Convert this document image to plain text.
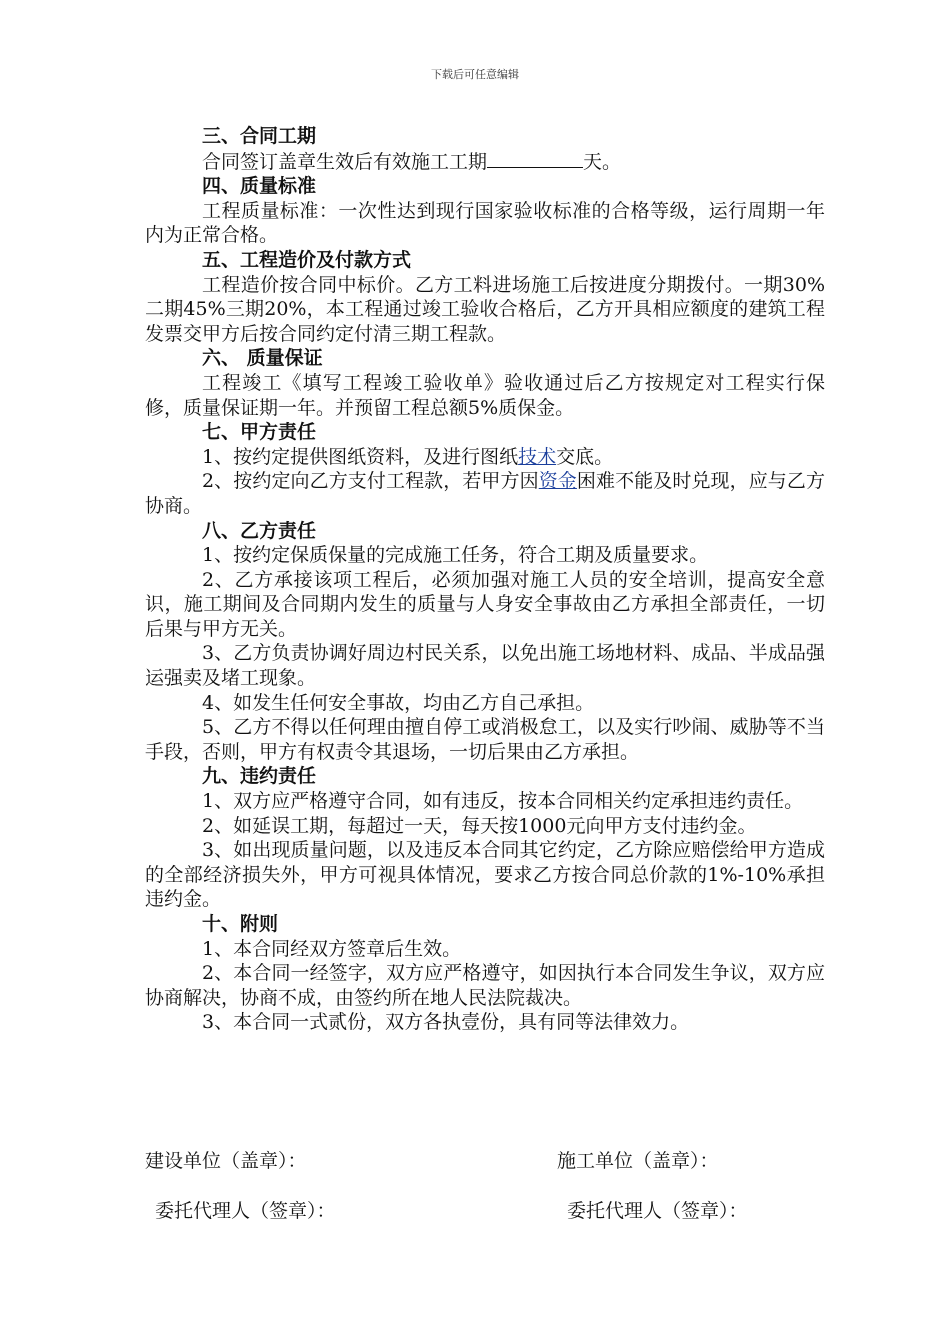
下载后可任意编辑
三、合同工期
合同签订盖章生效后有效施工工期	天。
四、质量标准
工程质量标准：一次性达到现行国家验收标准的合格等级，运行周期一年内为正常合格。
五、工程造价及付款方式
工程造价按合同中标价。乙方工料进场施工后按进度分期拨付。一期30%二期45%三期20%，本工程通过竣工验收合格后，乙方开具相应额度的建筑工程发票交甲方后按合同约定付清三期工程款。
六、 质量保证
工程竣工《填写工程竣工验收单》验收通过后乙方按规定对工程实行保修，质量保证期一年。并预留工程总额5%质保金。
七、甲方责任
1、按约定提供图纸资料，及进行图纸技术交底。
2、按约定向乙方支付工程款，若甲方因资金困难不能及时兑现，应与乙方协商。
八、乙方责任
1、按约定保质保量的完成施工任务，符合工期及质量要求。
2、乙方承接该项工程后，必须加强对施工人员的安全培训，提高安全意识，施工期间及合同期内发生的质量与人身安全事故由乙方承担全部责任，一切后果与甲方无关。
3、乙方负责协调好周边村民关系，以免出施工场地材料、成品、半成品强运强卖及堵工现象。
4、如发生任何安全事故，均由乙方自己承担。
5、乙方不得以任何理由擅自停工或消极怠工，以及实行吵闹、威胁等不当手段，否则，甲方有权责令其退场，一切后果由乙方承担。
九、违约责任
1、双方应严格遵守合同，如有违反，按本合同相关约定承担违约责任。
2、如延误工期，每超过一天，每天按1000元向甲方支付违约金。
3、如出现质量问题，以及违反本合同其它约定，乙方除应赔偿给甲方造成的全部经济损失外，甲方可视具体情况，要求乙方按合同总价款的1%-10%承担违约金。
十、附则
1、本合同经双方签章后生效。
2、本合同一经签字，双方应严格遵守，如因执行本合同发生争议，双方应协商解决，协商不成，由签约所在地人民法院裁决。
3、本合同一式贰份，双方各执壹份，具有同等法律效力。
建设单位（盖章）：	施工单位（盖章）：
委托代理人（签章）：	委托代理人（签章）：
